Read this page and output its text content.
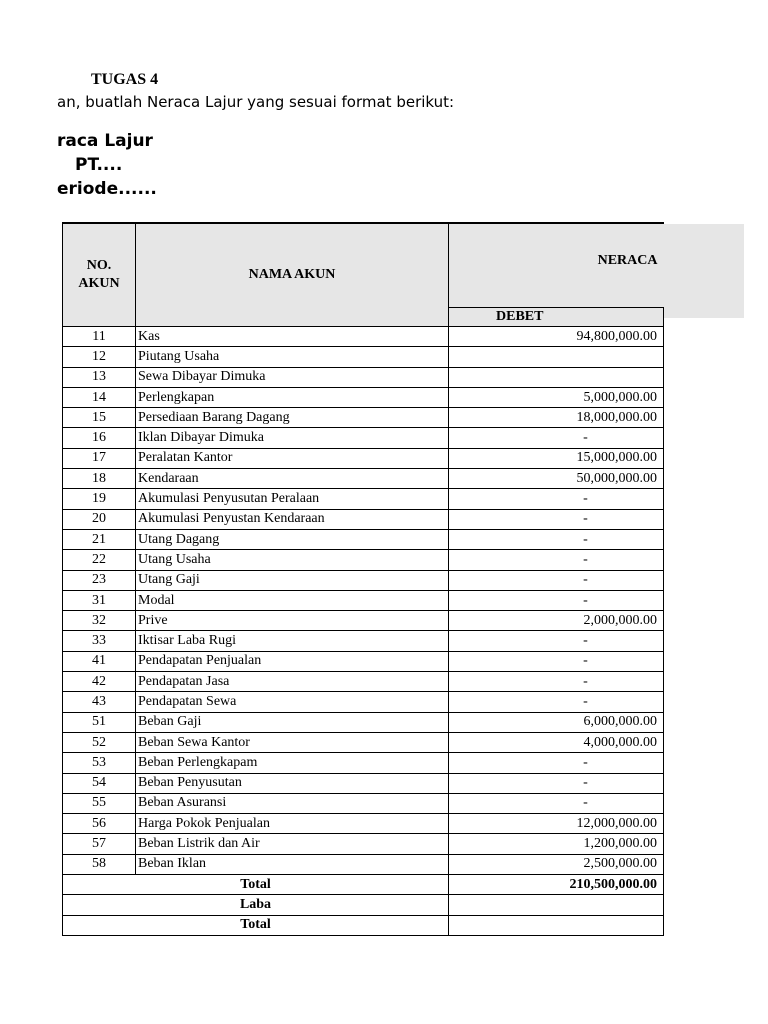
TUGAS 4
an, buatlah Neraca Lajur yang sesuai format berikut:
raca Lajur
PT....
eriode......
NO. AKUN	NAMA AKUN	NERACA
		DEBET
11	Kas	94,800,000.00
12	Piutang Usaha	
13	Sewa Dibayar Dimuka	
14	Perlengkapan	5,000,000.00
15	Persediaan Barang Dagang	18,000,000.00
16	Iklan Dibayar Dimuka	-
17	Peralatan Kantor	15,000,000.00
18	Kendaraan	50,000,000.00
19	Akumulasi Penyusutan Peralaan	-
20	Akumulasi Penyustan Kendaraan	-
21	Utang Dagang	-
22	Utang Usaha	-
23	Utang Gaji	-
31	Modal	-
32	Prive	2,000,000.00
33	Iktisar Laba Rugi	-
41	Pendapatan Penjualan	-
42	Pendapatan Jasa	-
43	Pendapatan Sewa	-
51	Beban Gaji	6,000,000.00
52	Beban Sewa Kantor	4,000,000.00
53	Beban Perlengkapam	-
54	Beban Penyusutan	-
55	Beban Asuransi	-
56	Harga Pokok Penjualan	12,000,000.00
57	Beban Listrik dan Air	1,200,000.00
58	Beban Iklan	2,500,000.00
Total		210,500,000.00
Laba		
Total		
